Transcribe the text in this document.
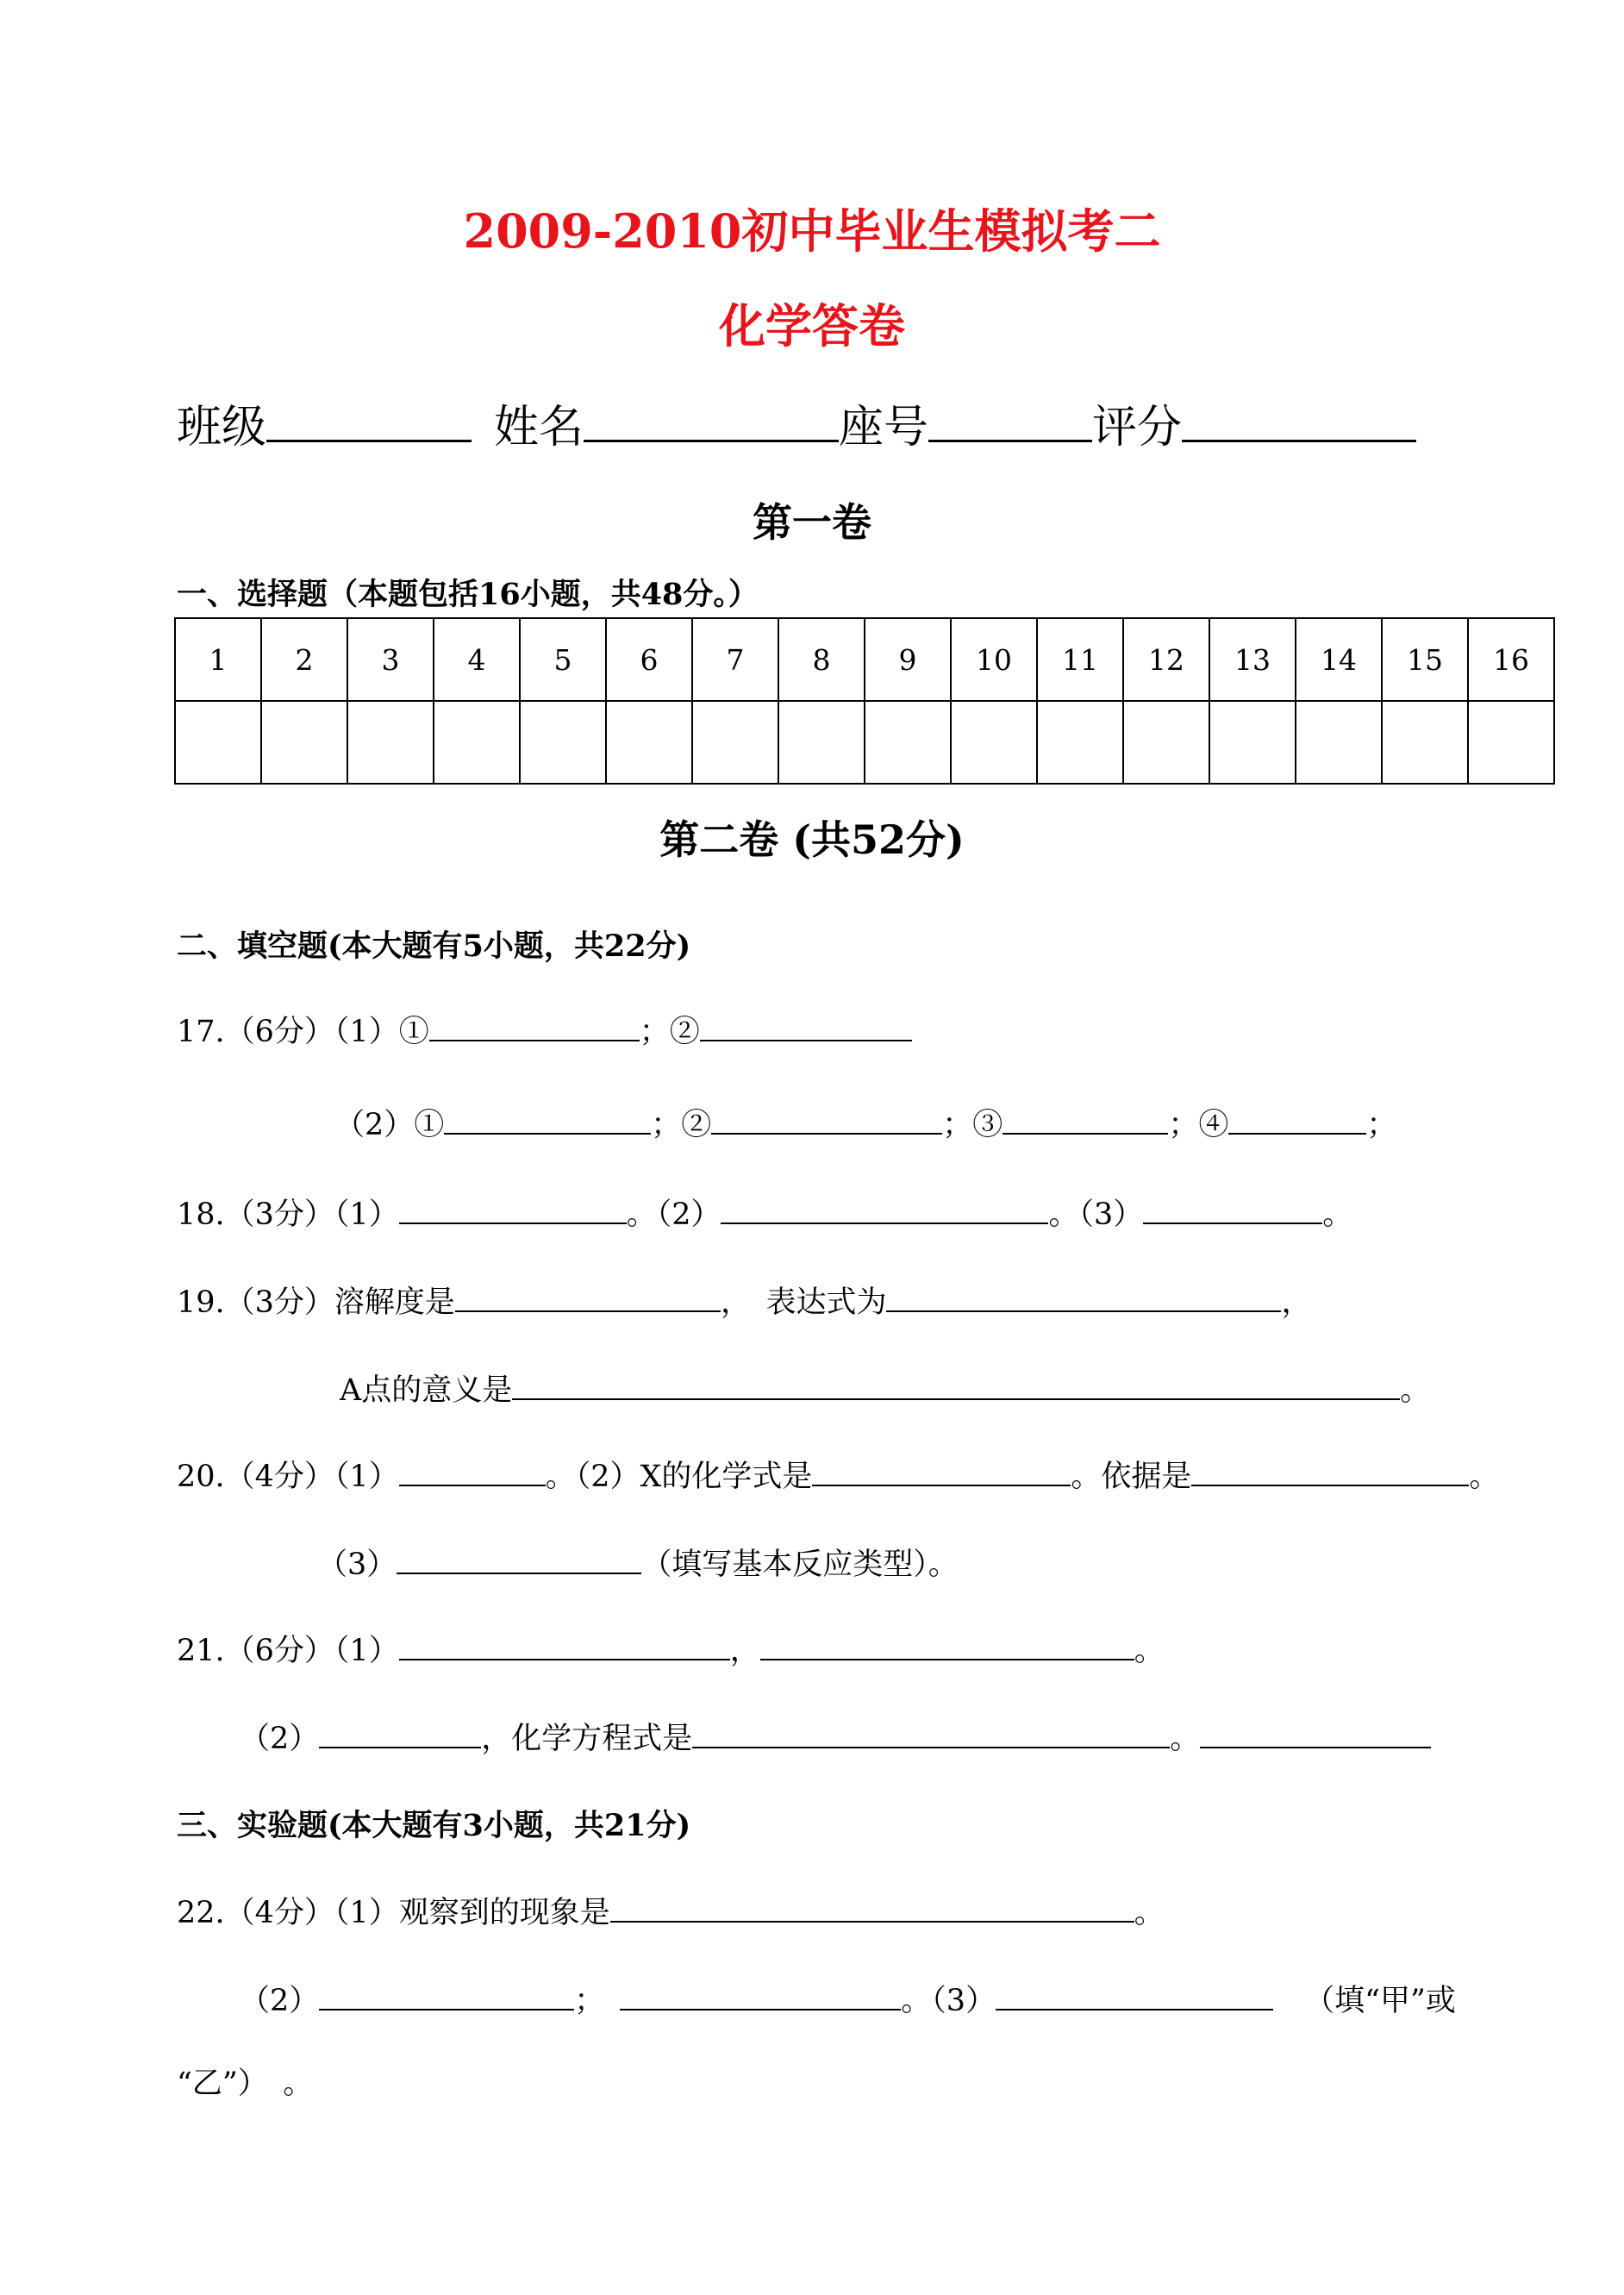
2009-2010初中毕业生模拟考二
化学答卷
班级	姓名	座号	评分
第一卷
一、选择题（本题包括16小题，共48分。）
1	2	3	4	5	6	7	8	9	10	11	12	13	14	15	16

第二卷 (共52分)
二、填空题(本大题有5小题，共22分)
17.（6分）（1）①	；②
（2）①	；②	；③	；④	；
18.（3分）（1）	。（2）	。（3）	。
19.（3分）溶解度是	，　表达式为	，
A点的意义是	。
20.（4分）（1）	。（2）X的化学式是	。依据是	。
（3）	（填写基本反应类型）。
21.（6分）（1）	，	。
（2）	，化学方程式是	。
三、实验题(本大题有3小题，共21分)
22.（4分）（1）观察到的现象是	。
（2）	；	。（3）	（填“甲”或
“乙”）　。
